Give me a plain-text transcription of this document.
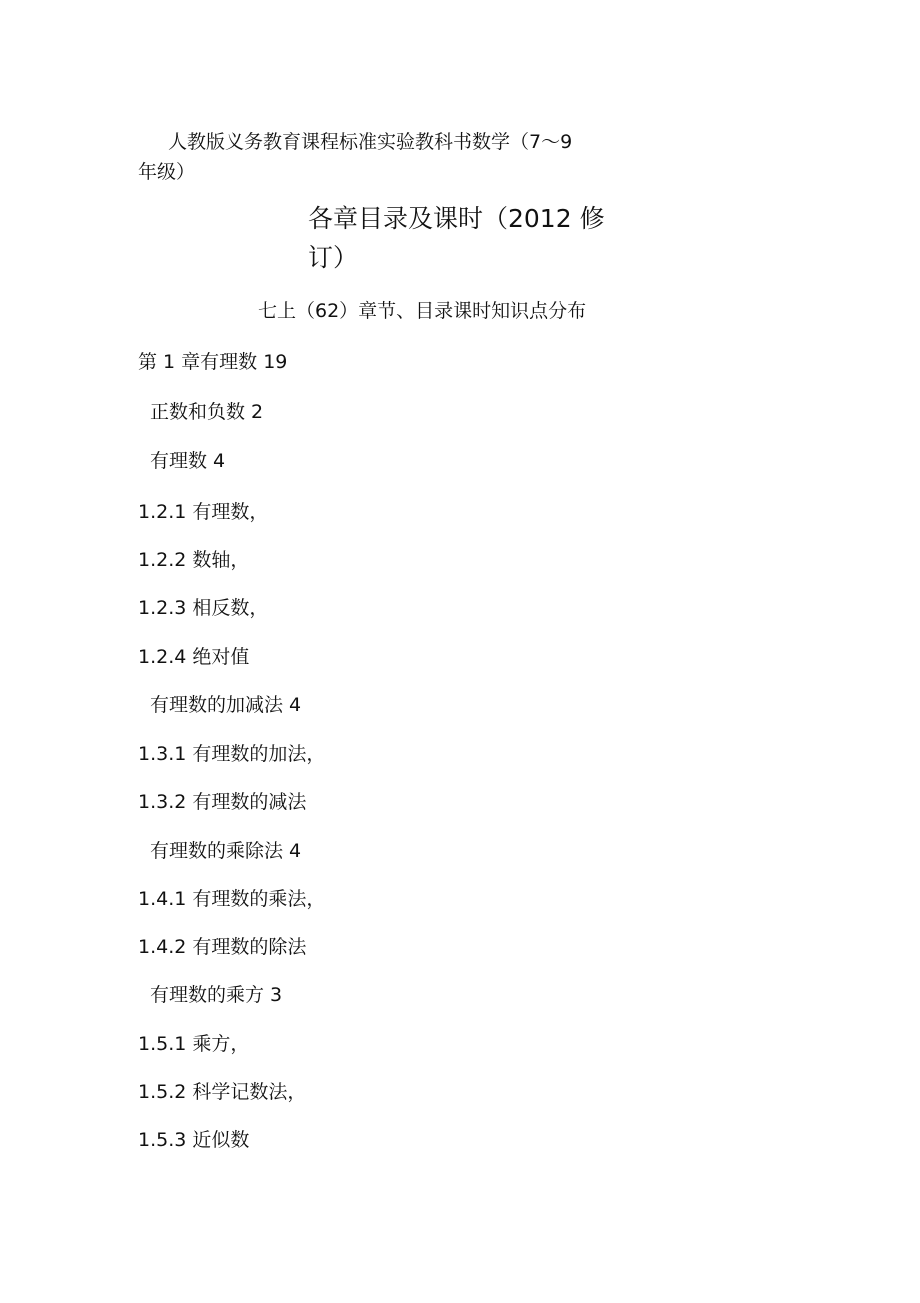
人教版义务教育课程标准实验教科书数学（7～9
年级）
各章目录及课时（2012 修
订）
七上（62）章节、目录课时知识点分布
第 1 章有理数 19
正数和负数 2
有理数 4
1.2.1 有理数，
1.2.2 数轴，
1.2.3 相反数，
1.2.4 绝对值
有理数的加减法 4
1.3.1 有理数的加法，
1.3.2 有理数的减法
有理数的乘除法 4
1.4.1 有理数的乘法，
1.4.2 有理数的除法
有理数的乘方 3
1.5.1 乘方，
1.5.2 科学记数法，
1.5.3 近似数
